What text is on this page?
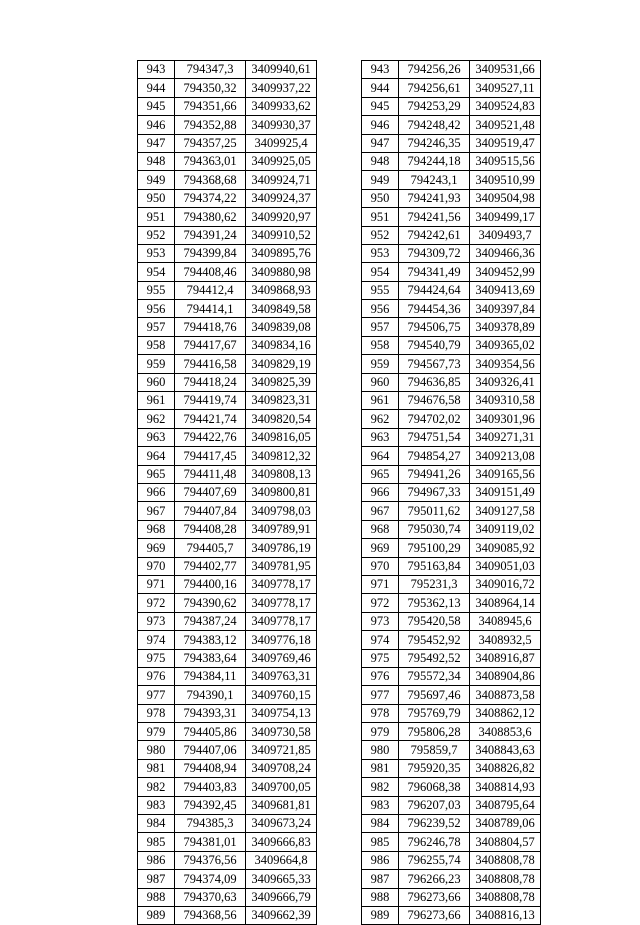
943	794347,3	3409940,61
944	794350,32	3409937,22
945	794351,66	3409933,62
946	794352,88	3409930,37
947	794357,25	3409925,4
948	794363,01	3409925,05
949	794368,68	3409924,71
950	794374,22	3409924,37
951	794380,62	3409920,97
952	794391,24	3409910,52
953	794399,84	3409895,76
954	794408,46	3409880,98
955	794412,4	3409868,93
956	794414,1	3409849,58
957	794418,76	3409839,08
958	794417,67	3409834,16
959	794416,58	3409829,19
960	794418,24	3409825,39
961	794419,74	3409823,31
962	794421,74	3409820,54
963	794422,76	3409816,05
964	794417,45	3409812,32
965	794411,48	3409808,13
966	794407,69	3409800,81
967	794407,84	3409798,03
968	794408,28	3409789,91
969	794405,7	3409786,19
970	794402,77	3409781,95
971	794400,16	3409778,17
972	794390,62	3409778,17
973	794387,24	3409778,17
974	794383,12	3409776,18
975	794383,64	3409769,46
976	794384,11	3409763,31
977	794390,1	3409760,15
978	794393,31	3409754,13
979	794405,86	3409730,58
980	794407,06	3409721,85
981	794408,94	3409708,24
982	794403,83	3409700,05
983	794392,45	3409681,81
984	794385,3	3409673,24
985	794381,01	3409666,83
986	794376,56	3409664,8
987	794374,09	3409665,33
988	794370,63	3409666,79
989	794368,56	3409662,39
943	794256,26	3409531,66
944	794256,61	3409527,11
945	794253,29	3409524,83
946	794248,42	3409521,48
947	794246,35	3409519,47
948	794244,18	3409515,56
949	794243,1	3409510,99
950	794241,93	3409504,98
951	794241,56	3409499,17
952	794242,61	3409493,7
953	794309,72	3409466,36
954	794341,49	3409452,99
955	794424,64	3409413,69
956	794454,36	3409397,84
957	794506,75	3409378,89
958	794540,79	3409365,02
959	794567,73	3409354,56
960	794636,85	3409326,41
961	794676,58	3409310,58
962	794702,02	3409301,96
963	794751,54	3409271,31
964	794854,27	3409213,08
965	794941,26	3409165,56
966	794967,33	3409151,49
967	795011,62	3409127,58
968	795030,74	3409119,02
969	795100,29	3409085,92
970	795163,84	3409051,03
971	795231,3	3409016,72
972	795362,13	3408964,14
973	795420,58	3408945,6
974	795452,92	3408932,5
975	795492,52	3408916,87
976	795572,34	3408904,86
977	795697,46	3408873,58
978	795769,79	3408862,12
979	795806,28	3408853,6
980	795859,7	3408843,63
981	795920,35	3408826,82
982	796068,38	3408814,93
983	796207,03	3408795,64
984	796239,52	3408789,06
985	796246,78	3408804,57
986	796255,74	3408808,78
987	796266,23	3408808,78
988	796273,66	3408808,78
989	796273,66	3408816,13
